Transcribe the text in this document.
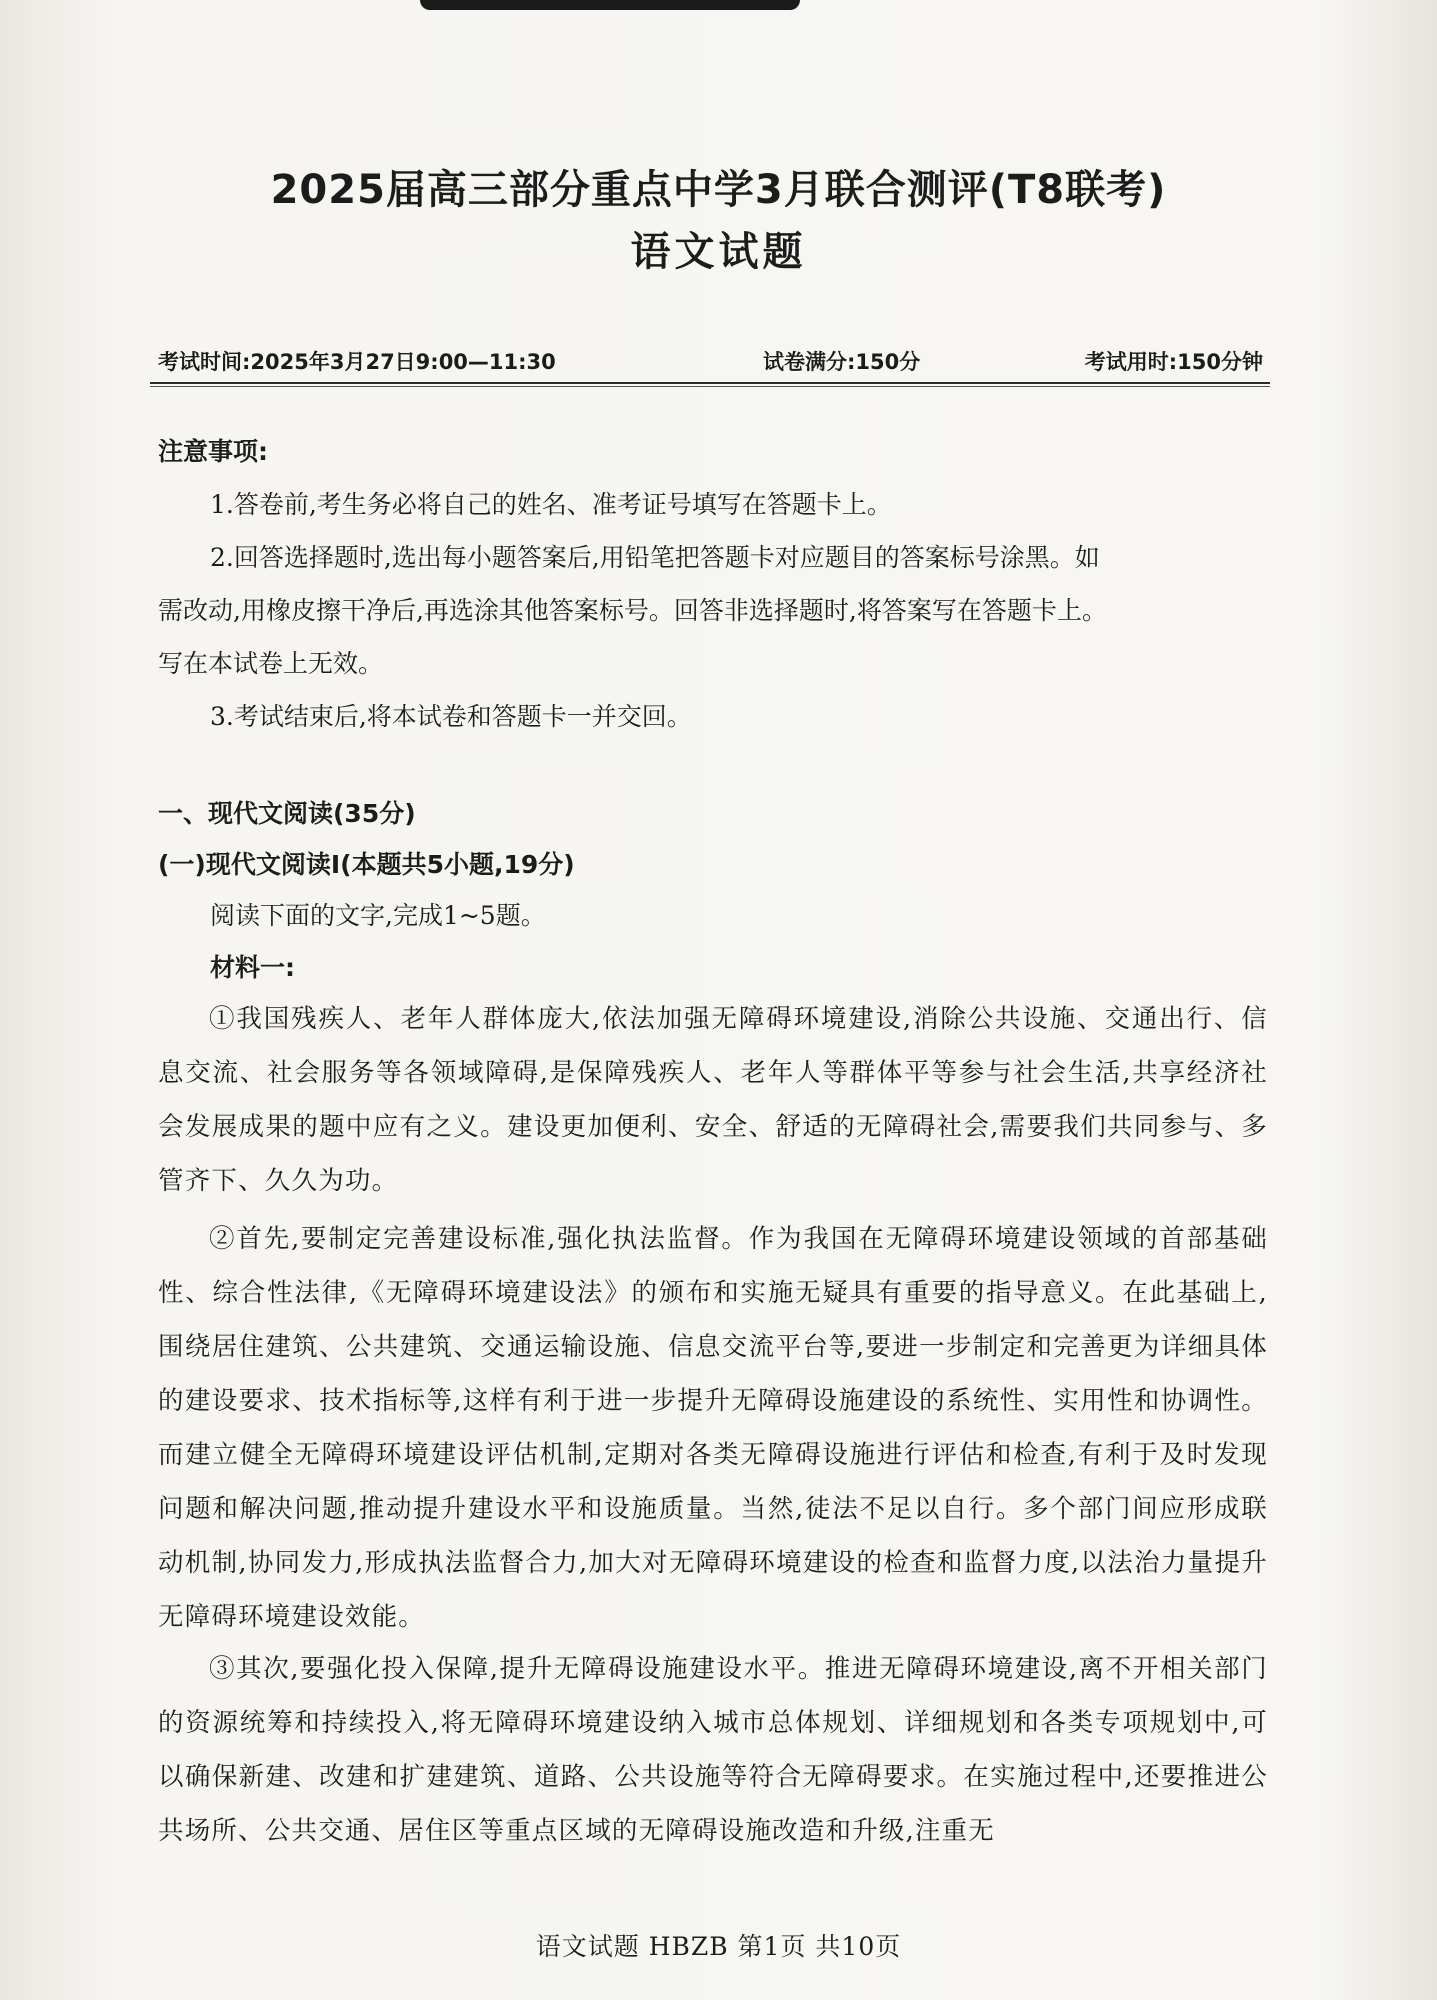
2025届高三部分重点中学3月联合测评(T8联考)
语文试题
考试时间:2025年3月27日9:00—11:30	试卷满分:150分	考试用时:150分钟
注意事项:
1.答卷前,考生务必将自己的姓名、准考证号填写在答题卡上。
2.回答选择题时,选出每小题答案后,用铅笔把答题卡对应题目的答案标号涂黑。如
需改动,用橡皮擦干净后,再选涂其他答案标号。回答非选择题时,将答案写在答题卡上。
写在本试卷上无效。
3.考试结束后,将本试卷和答题卡一并交回。
一、现代文阅读(35分)
(一)现代文阅读Ⅰ(本题共5小题,19分)
阅读下面的文字,完成1~5题。
材料一:
①我国残疾人、老年人群体庞大,依法加强无障碍环境建设,消除公共设施、交通出行、信息交流、社会服务等各领域障碍,是保障残疾人、老年人等群体平等参与社会生活,共享经济社会发展成果的题中应有之义。建设更加便利、安全、舒适的无障碍社会,需要我们共同参与、多管齐下、久久为功。
②首先,要制定完善建设标准,强化执法监督。作为我国在无障碍环境建设领域的首部基础性、综合性法律,《无障碍环境建设法》的颁布和实施无疑具有重要的指导意义。在此基础上,围绕居住建筑、公共建筑、交通运输设施、信息交流平台等,要进一步制定和完善更为详细具体的建设要求、技术指标等,这样有利于进一步提升无障碍设施建设的系统性、实用性和协调性。而建立健全无障碍环境建设评估机制,定期对各类无障碍设施进行评估和检查,有利于及时发现问题和解决问题,推动提升建设水平和设施质量。当然,徒法不足以自行。多个部门间应形成联动机制,协同发力,形成执法监督合力,加大对无障碍环境建设的检查和监督力度,以法治力量提升无障碍环境建设效能。
③其次,要强化投入保障,提升无障碍设施建设水平。推进无障碍环境建设,离不开相关部门的资源统筹和持续投入,将无障碍环境建设纳入城市总体规划、详细规划和各类专项规划中,可以确保新建、改建和扩建建筑、道路、公共设施等符合无障碍要求。在实施过程中,还要推进公共场所、公共交通、居住区等重点区域的无障碍设施改造和升级,注重无
语文试题 HBZB 第1页 共10页
